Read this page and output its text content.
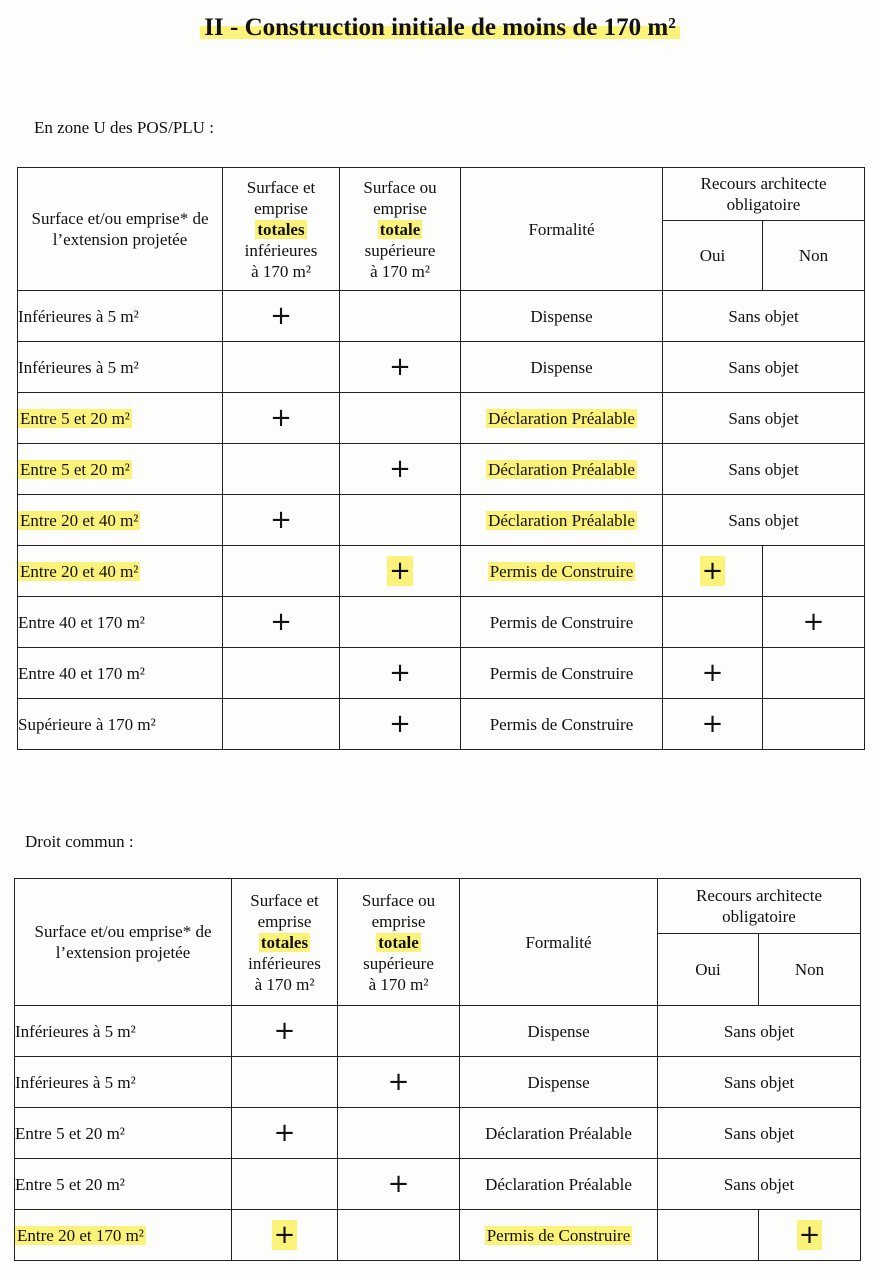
II - Construction initiale de moins de 170 m²
En zone U des POS/PLU :
Surface et/ou emprise* de l’extension projetée	Surface et
emprise
totales
inférieures
à 170 m²	Surface ou
emprise
totale
supérieure
à 170 m²	Formalité	Recours architecte obligatoire	
				Oui	Non
Inférieures à 5 m²	+		Dispense	Sans objet	
Inférieures à 5 m²		+	Dispense	Sans objet	
Entre 5 et 20 m²	+		Déclaration Préalable	Sans objet	
Entre 5 et 20 m²		+	Déclaration Préalable	Sans objet	
Entre 20 et 40 m²	+		Déclaration Préalable	Sans objet	
Entre 20 et 40 m²		+	Permis de Construire	+	
Entre 40 et 170 m²	+		Permis de Construire		+
Entre 40 et 170 m²		+	Permis de Construire	+	
Supérieure à 170 m²		+	Permis de Construire	+	
Droit commun :
Surface et/ou emprise* de l’extension projetée	Surface et
emprise
totales
inférieures
à 170 m²	Surface ou
emprise
totale
supérieure
à 170 m²	Formalité	Recours architecte obligatoire	
				Oui	Non
Inférieures à 5 m²	+		Dispense	Sans objet	
Inférieures à 5 m²		+	Dispense	Sans objet	
Entre 5 et 20 m²	+		Déclaration Préalable	Sans objet	
Entre 5 et 20 m²		+	Déclaration Préalable	Sans objet	
Entre 20 et 170 m²	+		Permis de Construire		+
